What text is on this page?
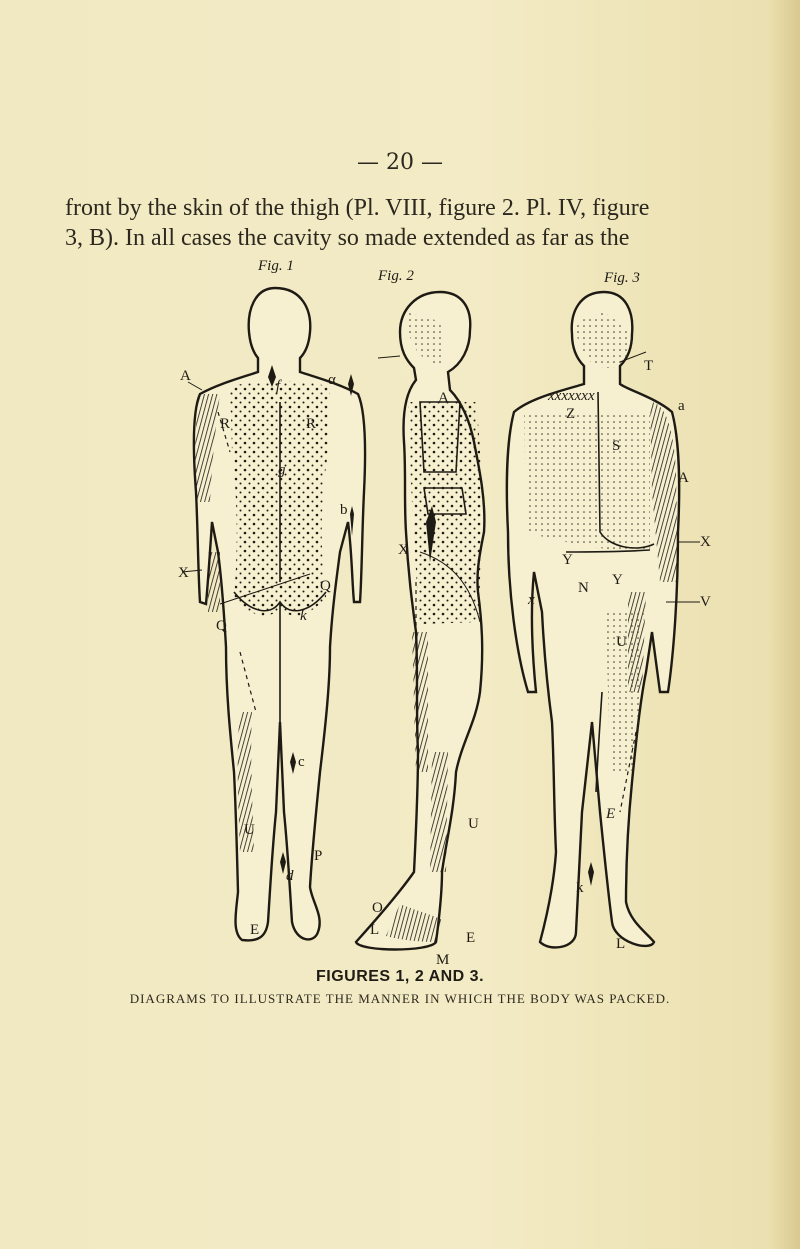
— 20 —

front by the skin of the thigh (Pl. VIII, figure 2. Pl. IV, figure

3, B). In all cases the cavity so made extended as far as the

Fig. 1
A
f	α
R	R
g
b
X
Q
Q
k
c
U
P
d
E
Fig. 2
A
X
U
O
L	E
M
Fig. 3
T
xxxxxxx
Z
S
a
A
X
Y
N Y
V
x
U
k
L
E
FIGURES 1, 2 AND 3.
DIAGRAMS TO ILLUSTRATE THE MANNER IN WHICH THE BODY WAS PACKED.
